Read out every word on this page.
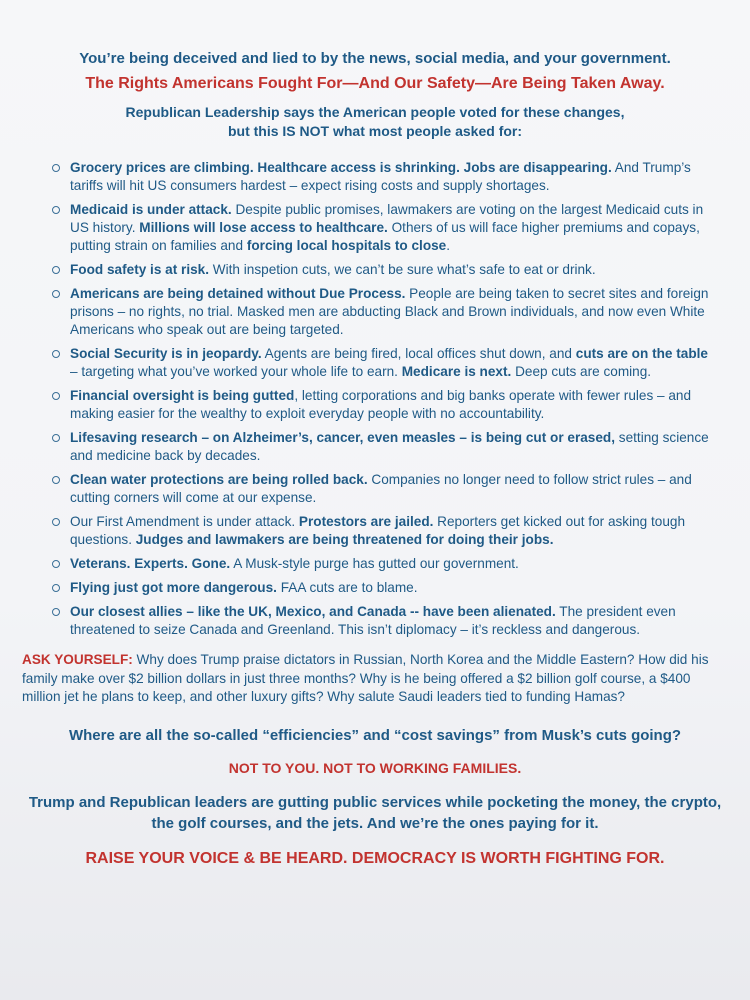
You’re being deceived and lied to by the news, social media, and your government.

The Rights Americans Fought For—And Our Safety—Are Being Taken Away.

Republican Leadership says the American people voted for these changes,
but this IS NOT what most people asked for:

Grocery prices are climbing. Healthcare access is shrinking. Jobs are disappearing. And Trump’s tariffs will hit US consumers hardest – expect rising costs and supply shortages.
Medicaid is under attack. Despite public promises, lawmakers are voting on the largest Medicaid cuts in US history. Millions will lose access to healthcare. Others of us will face higher premiums and copays, putting strain on families and forcing local hospitals to close.
Food safety is at risk. With inspetion cuts, we can’t be sure what’s safe to eat or drink.
Americans are being detained without Due Process. People are being taken to secret sites and foreign prisons – no rights, no trial. Masked men are abducting Black and Brown individuals, and now even White Americans who speak out are being targeted.
Social Security is in jeopardy. Agents are being fired, local offices shut down, and cuts are on the table – targeting what you’ve worked your whole life to earn. Medicare is next. Deep cuts are coming.
Financial oversight is being gutted, letting corporations and big banks operate with fewer rules – and making easier for the wealthy to exploit everyday people with no accountability.
Lifesaving research – on Alzheimer’s, cancer, even measles – is being cut or erased, setting science and medicine back by decades.
Clean water protections are being rolled back. Companies no longer need to follow strict rules – and cutting corners will come at our expense.
Our First Amendment is under attack. Protestors are jailed. Reporters get kicked out for asking tough questions. Judges and lawmakers are being threatened for doing their jobs.
Veterans. Experts. Gone. A Musk-style purge has gutted our government.
Flying just got more dangerous. FAA cuts are to blame.
Our closest allies – like the UK, Mexico, and Canada -- have been alienated. The president even threatened to seize Canada and Greenland. This isn’t diplomacy – it’s reckless and dangerous.

ASK YOURSELF: Why does Trump praise dictators in Russian, North Korea and the Middle Eastern? How did his family make over $2 billion dollars in just three months? Why is he being offered a $2 billion golf course, a $400 million jet he plans to keep, and other luxury gifts? Why salute Saudi leaders tied to funding Hamas?

Where are all the so-called “efficiencies” and “cost savings” from Musk’s cuts going?

NOT TO YOU. NOT TO WORKING FAMILIES.

Trump and Republican leaders are gutting public services while pocketing the money, the crypto, the golf courses, and the jets. And we’re the ones paying for it.

RAISE YOUR VOICE & BE HEARD. DEMOCRACY IS WORTH FIGHTING FOR.
